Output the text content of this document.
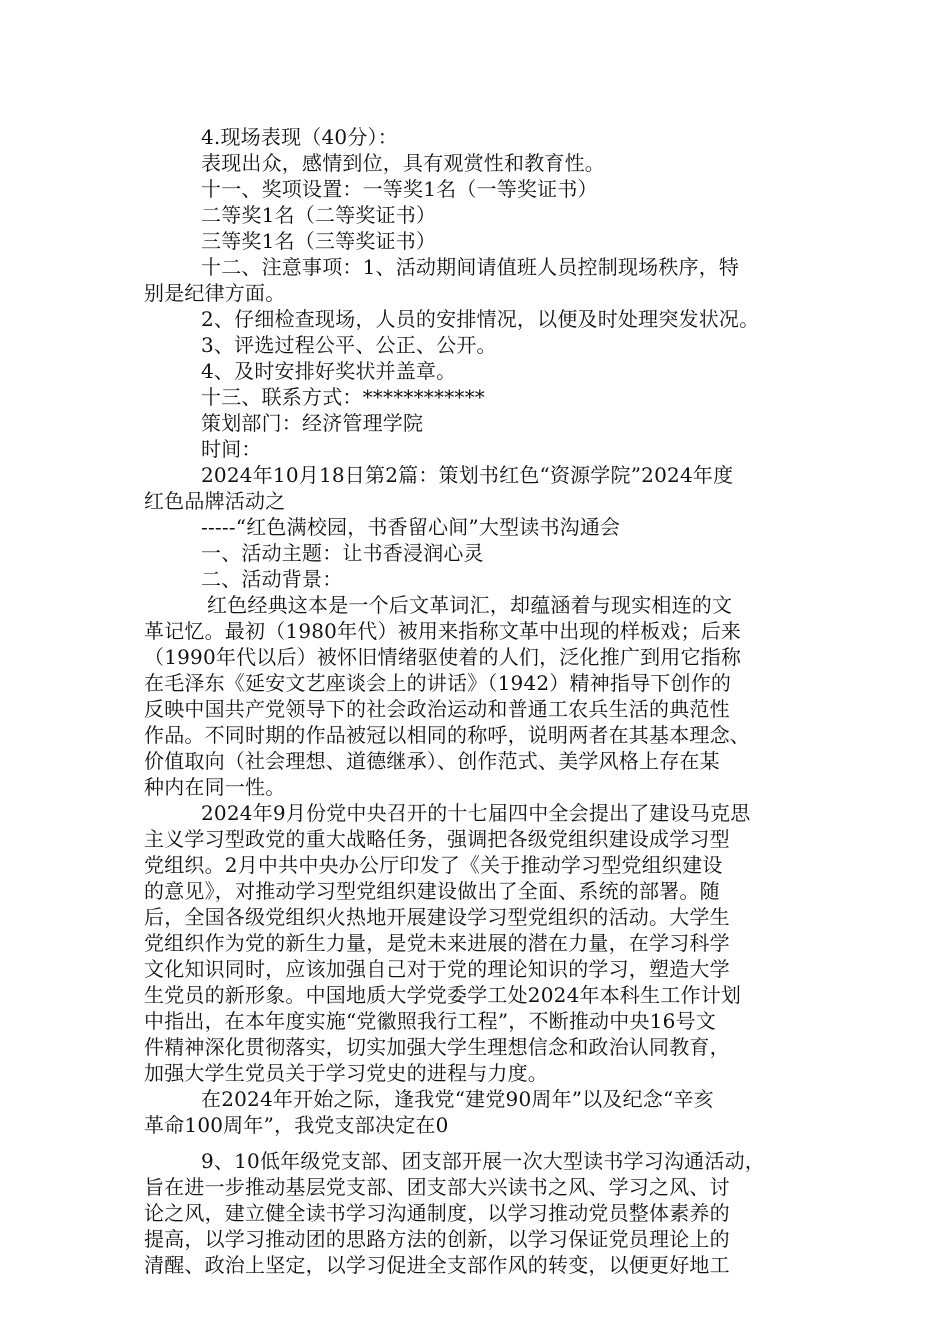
4.现场表现（40分）：
表现出众，感情到位，具有观赏性和教育性。
十一、奖项设置：一等奖1名（一等奖证书）
二等奖1名（二等奖证书）
三等奖1名（三等奖证书）
十二、注意事项：1、活动期间请值班人员控制现场秩序，特
别是纪律方面。
2、仔细检查现场，人员的安排情况，以便及时处理突发状况。
3、评选过程公平、公正、公开。
4、及时安排好奖状并盖章。
十三、联系方式：************
策划部门：经济管理学院
时间：
2024年10月18日第2篇：策划书红色“资源学院”2024年度
红色品牌活动之
-----“红色满校园，书香留心间”大型读书沟通会
一、活动主题：让书香浸润心灵
二、活动背景：
红色经典这本是一个后文革词汇，却蕴涵着与现实相连的文
革记忆。最初（1980年代）被用来指称文革中出现的样板戏；后来
（1990年代以后）被怀旧情绪驱使着的人们，泛化推广到用它指称
在毛泽东《延安文艺座谈会上的讲话》（1942）精神指导下创作的
反映中国共产党领导下的社会政治运动和普通工农兵生活的典范性
作品。不同时期的作品被冠以相同的称呼，说明两者在其基本理念、
价值取向（社会理想、道德继承）、创作范式、美学风格上存在某
种内在同一性。
2024年9月份党中央召开的十七届四中全会提出了建设马克思
主义学习型政党的重大战略任务，强调把各级党组织建设成学习型
党组织。2月中共中央办公厅印发了《关于推动学习型党组织建设
的意见》，对推动学习型党组织建设做出了全面、系统的部署。随
后，全国各级党组织火热地开展建设学习型党组织的活动。大学生
党组织作为党的新生力量，是党未来进展的潜在力量，在学习科学
文化知识同时，应该加强自己对于党的理论知识的学习，塑造大学
生党员的新形象。中国地质大学党委学工处2024年本科生工作计划
中指出，在本年度实施“党徽照我行工程”，不断推动中央16号文
件精神深化贯彻落实，切实加强大学生理想信念和政治认同教育，
加强大学生党员关于学习党史的进程与力度。
在2024年开始之际，逢我党“建党90周年”以及纪念“辛亥
革命100周年”，我党支部决定在0
9、10低年级党支部、团支部开展一次大型读书学习沟通活动，
旨在进一步推动基层党支部、团支部大兴读书之风、学习之风、讨
论之风，建立健全读书学习沟通制度，以学习推动党员整体素养的
提高，以学习推动团的思路方法的创新，以学习保证党员理论上的
清醒、政治上坚定，以学习促进全支部作风的转变，以便更好地工
